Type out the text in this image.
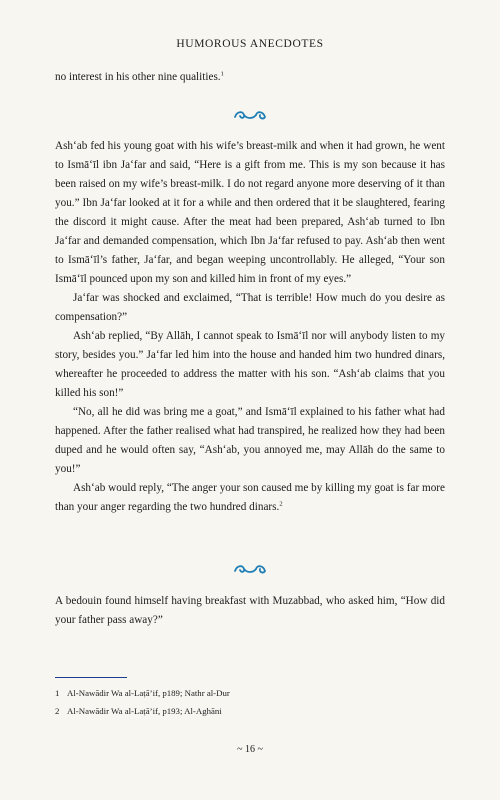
HUMOROUS ANECDOTES

no interest in his other nine qualities.$^1$

Ash‘ab fed his young goat with his wife’s breast-milk and when it had grown, he went to Ismā‘īl ibn Ja‘far and said, “Here is a gift from me. This is my son because it has been raised on my wife’s breast-milk. I do not regard anyone more deserving of it than you.” Ibn Ja‘far looked at it for a while and then ordered that it be slaughtered, fearing the discord it might cause. After the meat had been prepared, Ash‘ab turned to Ibn Ja‘far and demanded compensation, which Ibn Ja‘far refused to pay. Ash‘ab then went to Ismā‘īl’s father, Ja‘far, and began weeping uncontrollably. He alleged, “Your son Ismā‘īl pounced upon my son and killed him in front of my eyes.”

Ja‘far was shocked and exclaimed, “That is terrible! How much do you desire as compensation?”

Ash‘ab replied, “By Allāh, I cannot speak to Ismā‘īl nor will anybody listen to my story, besides you.” Ja‘far led him into the house and handed him two hundred dinars, whereafter he proceeded to address the matter with his son. “Ash‘ab claims that you killed his son!”

“No, all he did was bring me a goat,” and Ismā‘īl explained to his father what had happened. After the father realised what had transpired, he realized how they had been duped and he would often say, “Ash‘ab, you annoyed me, may Allāh do the same to you!”

Ash‘ab would reply, “The anger your son caused me by killing my goat is far more than your anger regarding the two hundred dinars.$^2$

A bedouin found himself having breakfast with Muzabbad, who asked him, “How did your father pass away?”

1 Al-Nawādir Wa al-Laṭā’if, p189; Nathr al-Dur
2 Al-Nawādir Wa al-Laṭā’if, p193; Al-Aghāni
~ 16 ~
